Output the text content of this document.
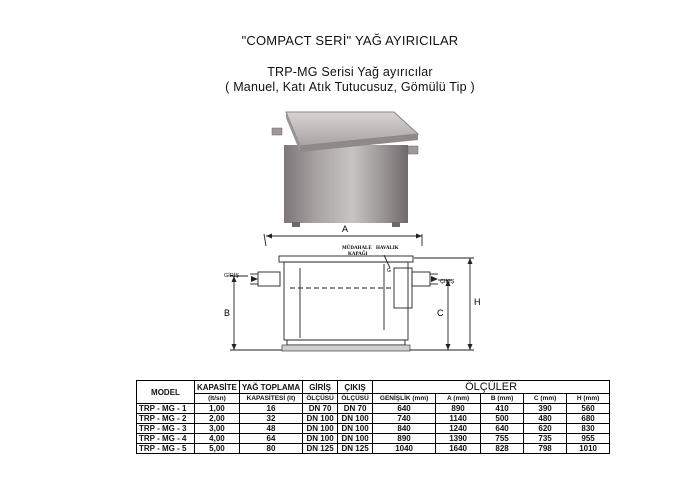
"COMPACT SERİ" YAĞ AYIRICILAR
TRP-MG Serisi Yağ ayırıcılar
( Manuel, Katı Atık Tutucusuz, Gömülü Tip )
A
B	C
H
GİRİŞ
ÇIKIŞ
MÜDAHALE
KAPAĞI
HAVALIK
G
MODEL	KAPASİTE	YAĞ TOPLAMA	GİRİŞ	ÇIKIŞ	ÖLÇÜLER				
	(lt/sn)	KAPASİTESİ (lt)	ÖLÇÜSÜ	ÖLÇÜSÜ	GENİŞLİK (mm)	A (mm)	B (mm)	C (mm)	H (mm)
TRP - MG - 1	1,00	16	DN 70	DN 70	640	890	410	390	560
TRP - MG - 2	2,00	32	DN 100	DN 100	740	1140	500	480	680
TRP - MG - 3	3,00	48	DN 100	DN 100	840	1240	640	620	830
TRP - MG - 4	4,00	64	DN 100	DN 100	890	1390	755	735	955
TRP - MG - 5	5,00	80	DN 125	DN 125	1040	1640	828	798	1010
